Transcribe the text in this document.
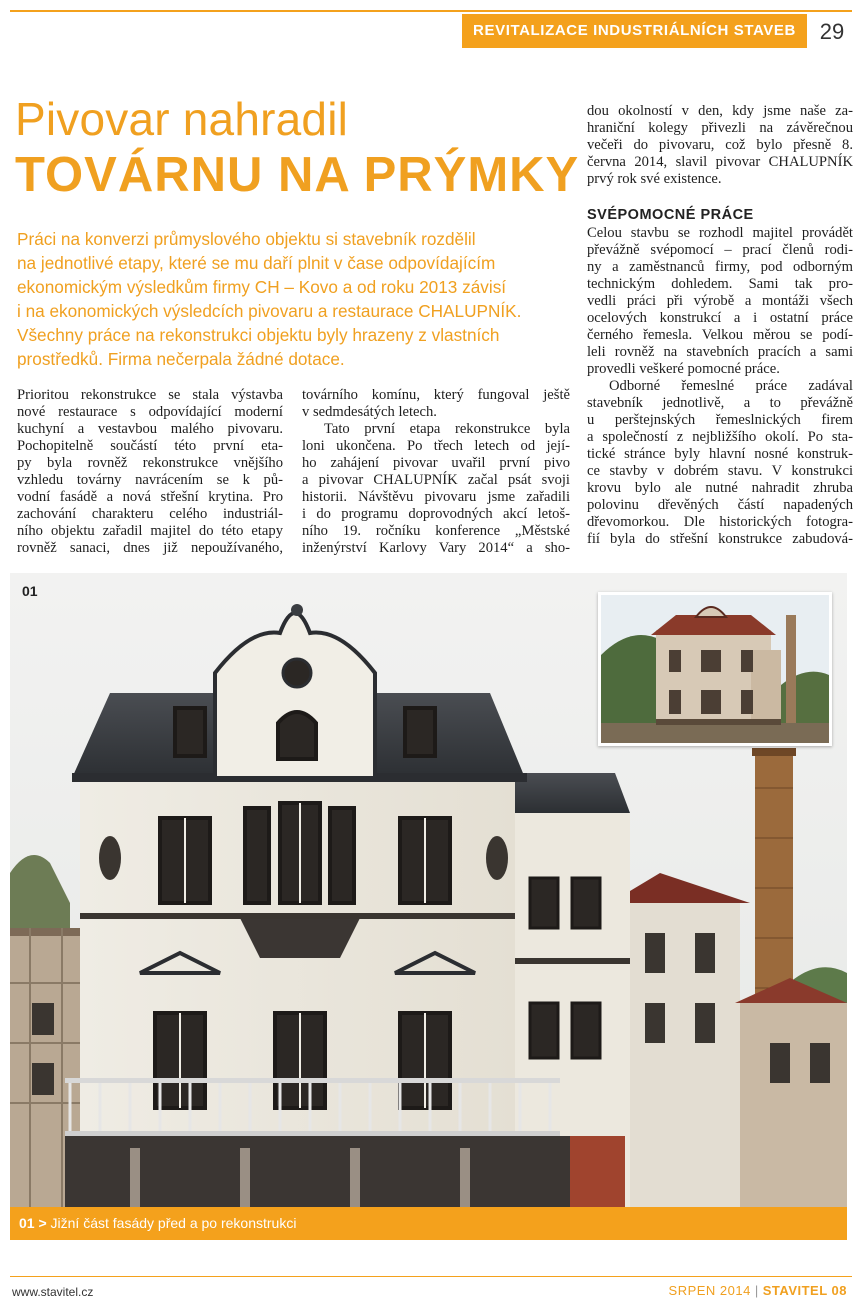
REVITALIZACE INDUSTRIÁLNÍCH STAVEB	29
Pivovar nahradil
TOVÁRNU NA PRÝMKY

Práci na konverzi průmyslového objektu si stavebník rozdělil
na jednotlivé etapy, které se mu daří plnit v čase odpovídajícím
ekonomickým výsledkům firmy CH – Kovo a od roku 2013 závisí
i na ekonomických výsledcích pivovaru a restaurace CHALUPNÍK.
Všechny práce na rekonstrukci objektu byly hrazeny z vlastních
prostředků. Firma nečerpala žádné dotace.

Prioritou rekonstrukce se stala výstavba
nové restaurace s odpovídající moderní
kuchyní a vestavbou malého pivovaru.
Pochopitelně součástí této první eta-
py byla rovněž rekonstrukce vnějšího
vzhledu továrny navrácením se k pů-
vodní fasádě a nová střešní krytina. Pro
zachování charakteru celého industriál-
ního objektu zařadil majitel do této etapy
rovněž sanaci, dnes již nepoužívaného,
továrního komínu, který fungoval ještě
v sedmdesátých letech.
Tato první etapa rekonstrukce byla
loni ukončena. Po třech letech od její-
ho zahájení pivovar uvařil první pivo
a pivovar CHALUPNÍK začal psát svoji
historii. Návštěvu pivovaru jsme zařadili
i do programu doprovodných akcí letoš-
ního 19. ročníku konference „Městské
inženýrství Karlovy Vary 2014“ a sho-
dou okolností v den, kdy jsme naše za-
hraniční kolegy přivezli na závěrečnou
večeři do pivovaru, což bylo přesně 8.
června 2014, slavil pivovar CHALUPNÍK
prvý rok své existence.
SVÉPOMOCNÉ PRÁCE
Celou stavbu se rozhodl majitel provádět
převážně svépomocí – prací členů rodi-
ny a zaměstnanců firmy, pod odborným
technickým dohledem. Sami tak pro-
vedli práci při výrobě a montáži všech
ocelových konstrukcí a i ostatní práce
černého řemesla. Velkou měrou se podí-
leli rovněž na stavebních pracích a sami
provedli veškeré pomocné práce.
Odborné řemeslné práce zadával
stavebník jednotlivě, a to převážně
u perštejnských řemeslnických firem
a společností z nejbližšího okolí. Po sta-
tické stránce byly hlavní nosné konstruk-
ce stavby v dobrém stavu. V konstrukci
krovu bylo ale nutné nahradit zhruba
polovinu dřevěných částí napadených
dřevomorkou. Dle historických fotogra-
fií byla do střešní konstrukce zabudová-
01
01 > Jižní část fasády před a po rekonstrukci
www.stavitel.cz	SRPEN 2014 | STAVITEL 08
